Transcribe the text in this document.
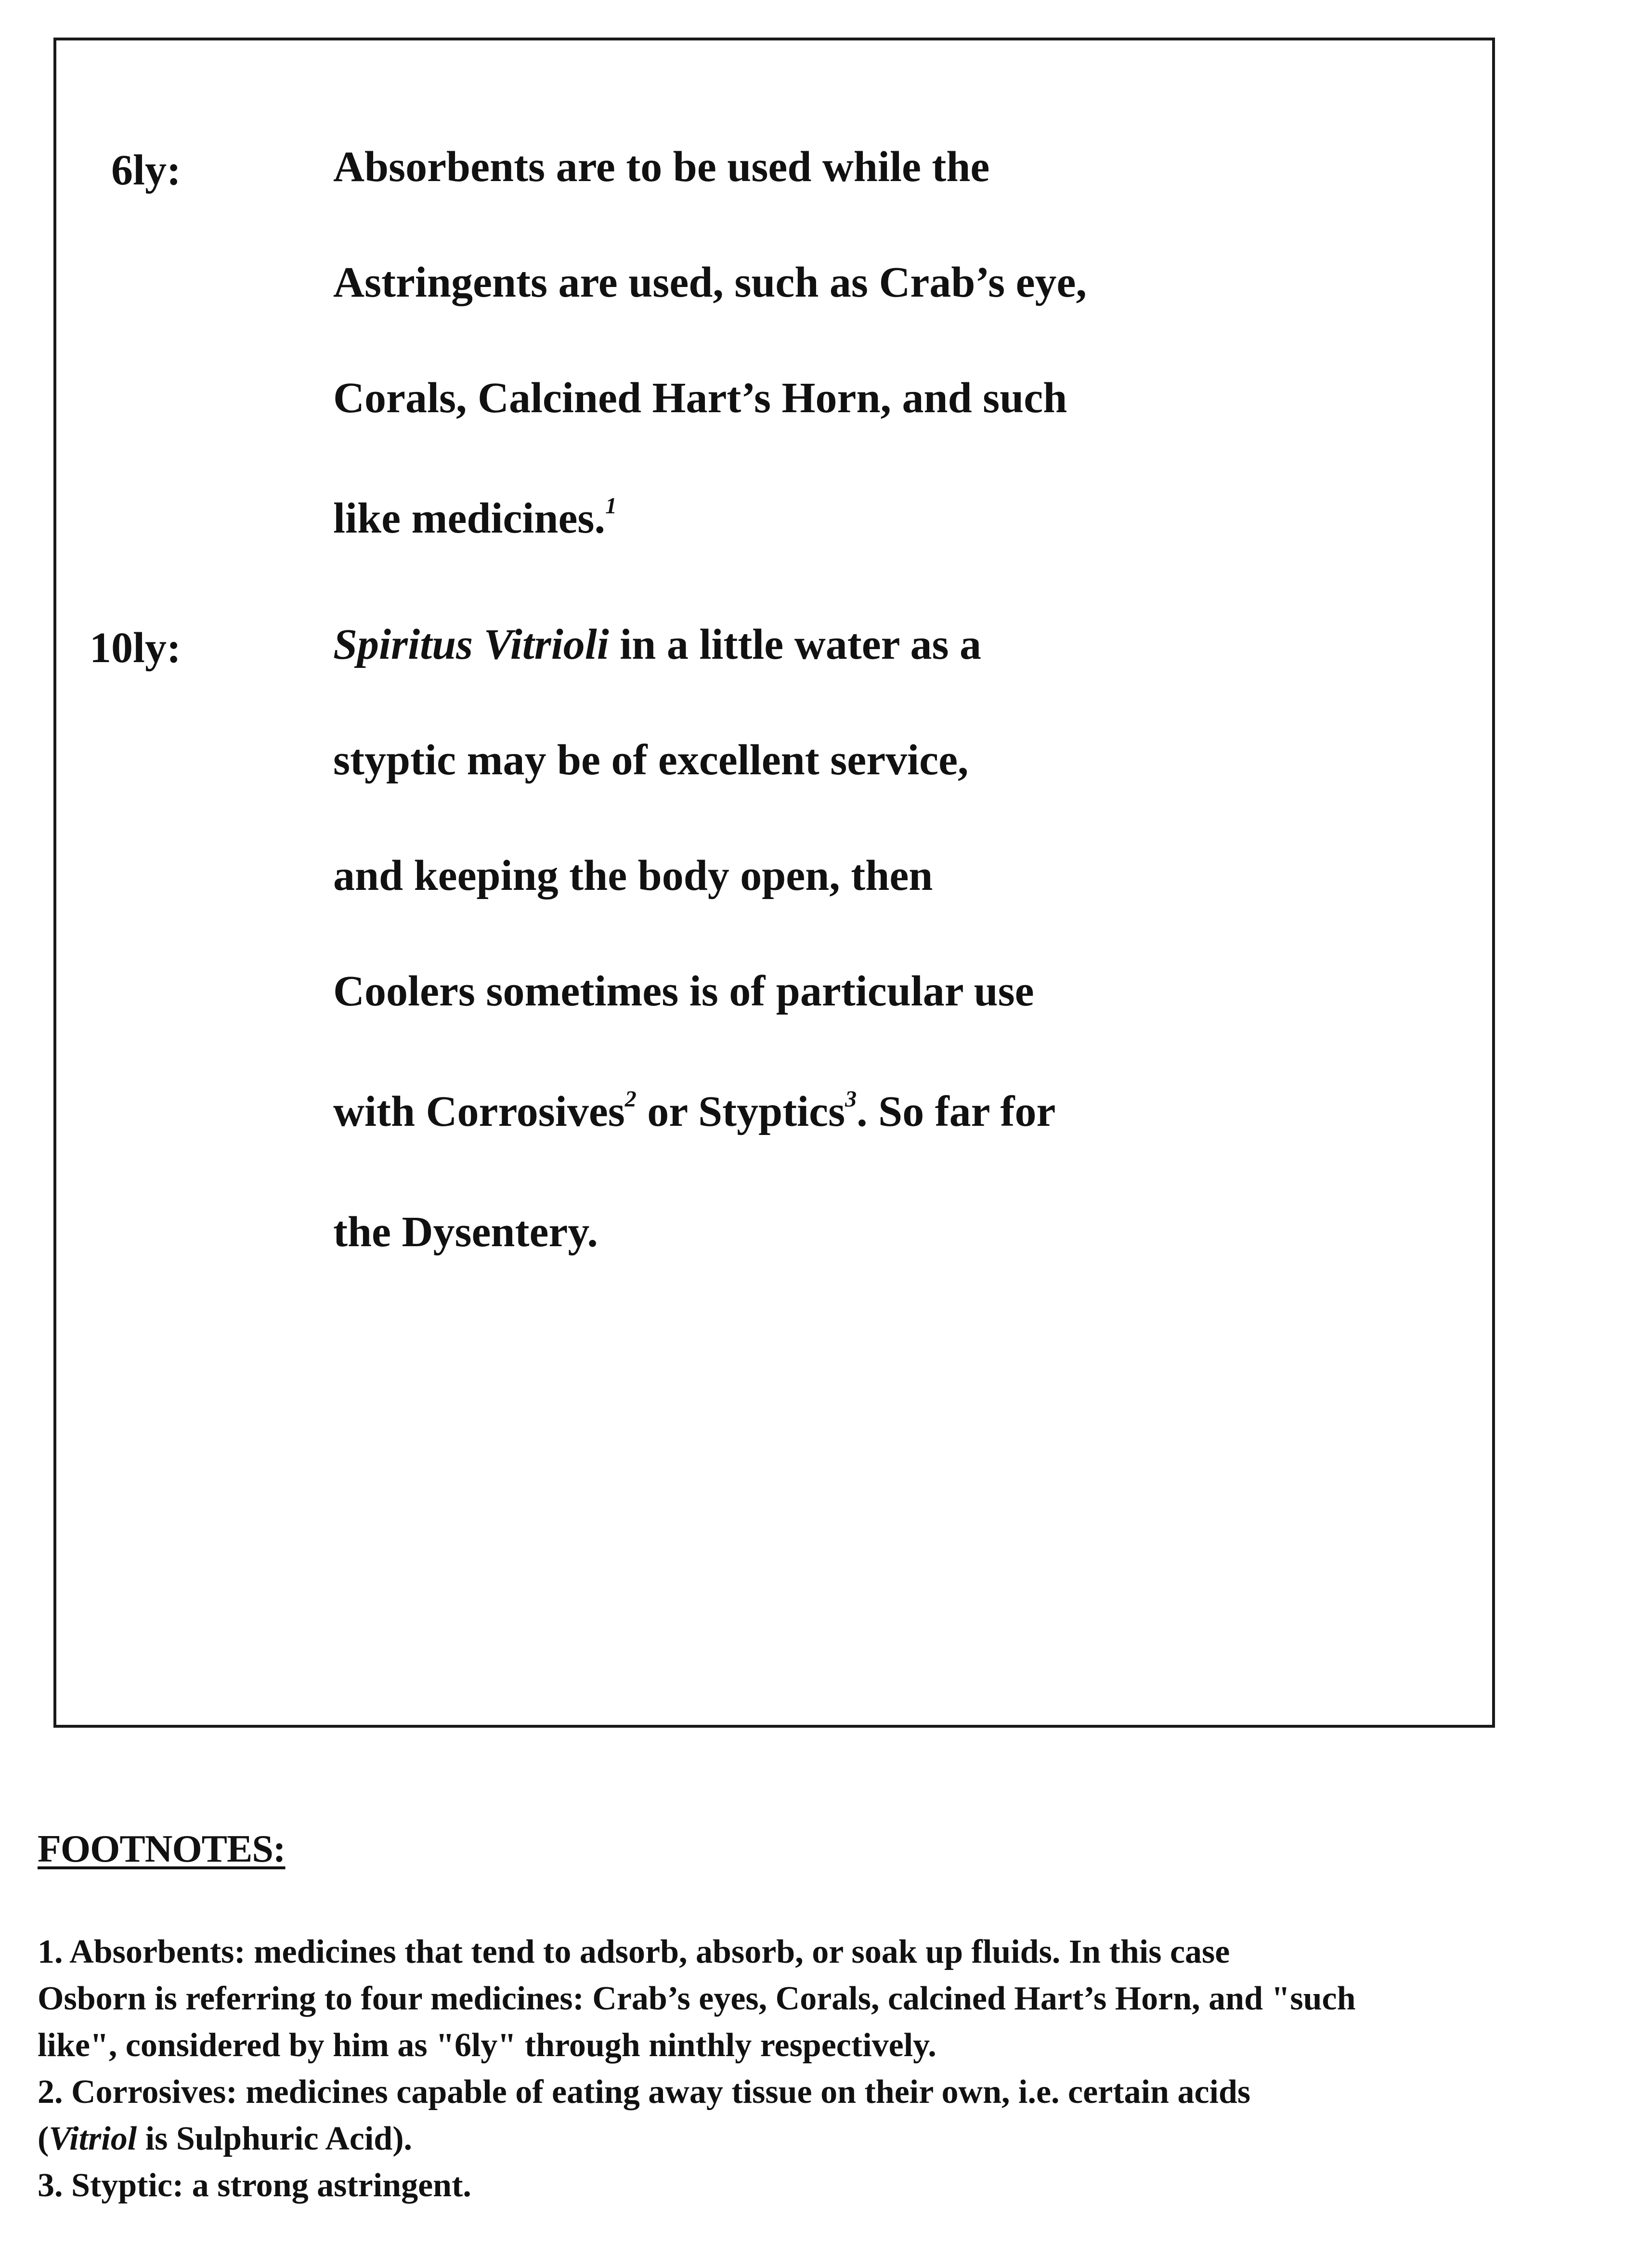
6ly:	Absorbents are to be used while the
Astringents are used, such as Crab’s eye,
Corals, Calcined Hart’s Horn, and such
like medicines.$^1$
10ly:	Spiritus Vitrioli in a little water as a
styptic may be of excellent service,
and keeping the body open, then
Coolers sometimes is of particular use
with Corrosives$^2$ or Styptics$^3$. So far for
the Dysentery.
FOOTNOTES:
1. Absorbents: medicines that tend to adsorb, absorb, or soak up fluids. In this case
Osborn is referring to four medicines: Crab’s eyes, Corals, calcined Hart’s Horn, and "such
like", considered by him as "6ly" through ninthly respectively.
2. Corrosives: medicines capable of eating away tissue on their own, i.e. certain acids
(Vitriol is Sulphuric Acid).
3. Styptic: a strong astringent.
